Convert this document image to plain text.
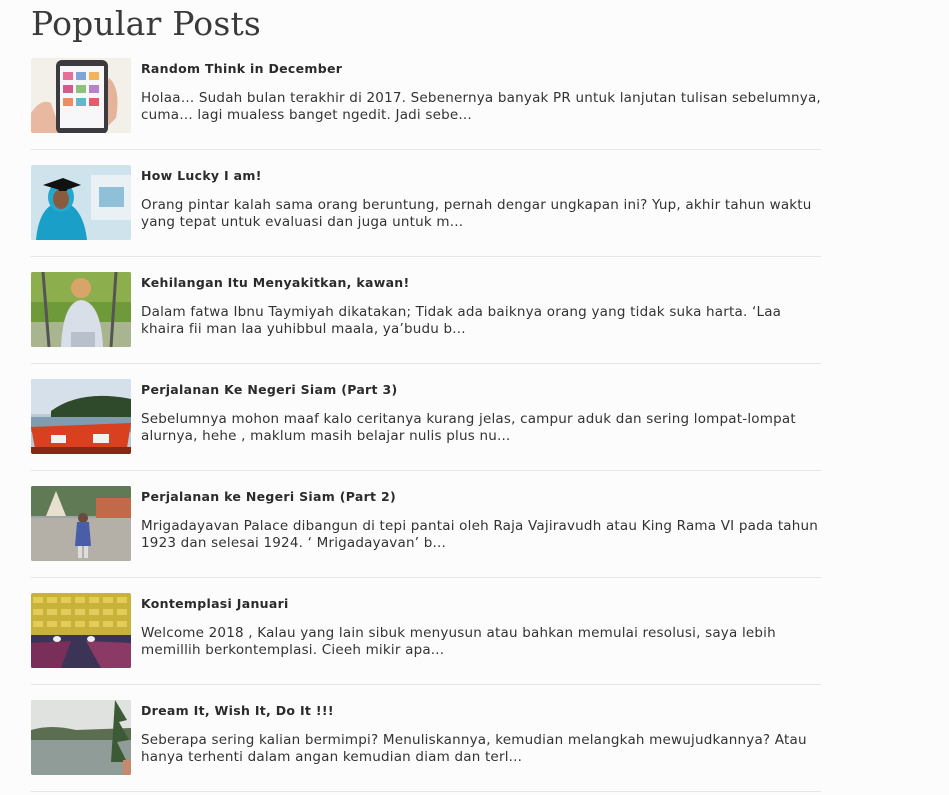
Popular Posts
Random Think in December

Holaa… Sudah bulan terakhir di 2017. Sebenernya banyak PR untuk lanjutan tulisan sebelumnya, cuma… lagi mualess banget ngedit. Jadi sebe...

How Lucky I am!

Orang pintar kalah sama orang beruntung, pernah dengar ungkapan ini? Yup, akhir tahun waktu yang tepat untuk evaluasi dan juga untuk m...

Kehilangan Itu Menyakitkan, kawan!

Dalam fatwa Ibnu Taymiyah dikatakan; Tidak ada baiknya orang yang tidak suka harta. ‘Laa khaira fii man laa yuhibbul maala, ya’budu b...

Perjalanan Ke Negeri Siam (Part 3)

Sebelumnya mohon maaf kalo ceritanya kurang jelas, campur aduk dan sering lompat-lompat alurnya, hehe , maklum masih belajar nulis plus nu...

Perjalanan ke Negeri Siam (Part 2)

Mrigadayavan Palace dibangun di tepi pantai oleh Raja Vajiravudh atau King Rama VI pada tahun 1923 dan selesai 1924. ‘ Mrigadayavan’ b...

Kontemplasi Januari

Welcome 2018 , Kalau yang lain sibuk menyusun atau bahkan memulai resolusi, saya lebih memillih berkontemplasi. Cieeh mikir apa...

Dream It, Wish It, Do It !!!

Seberapa sering kalian bermimpi? Menuliskannya, kemudian melangkah mewujudkannya? Atau hanya terhenti dalam angan kemudian diam dan terl...
